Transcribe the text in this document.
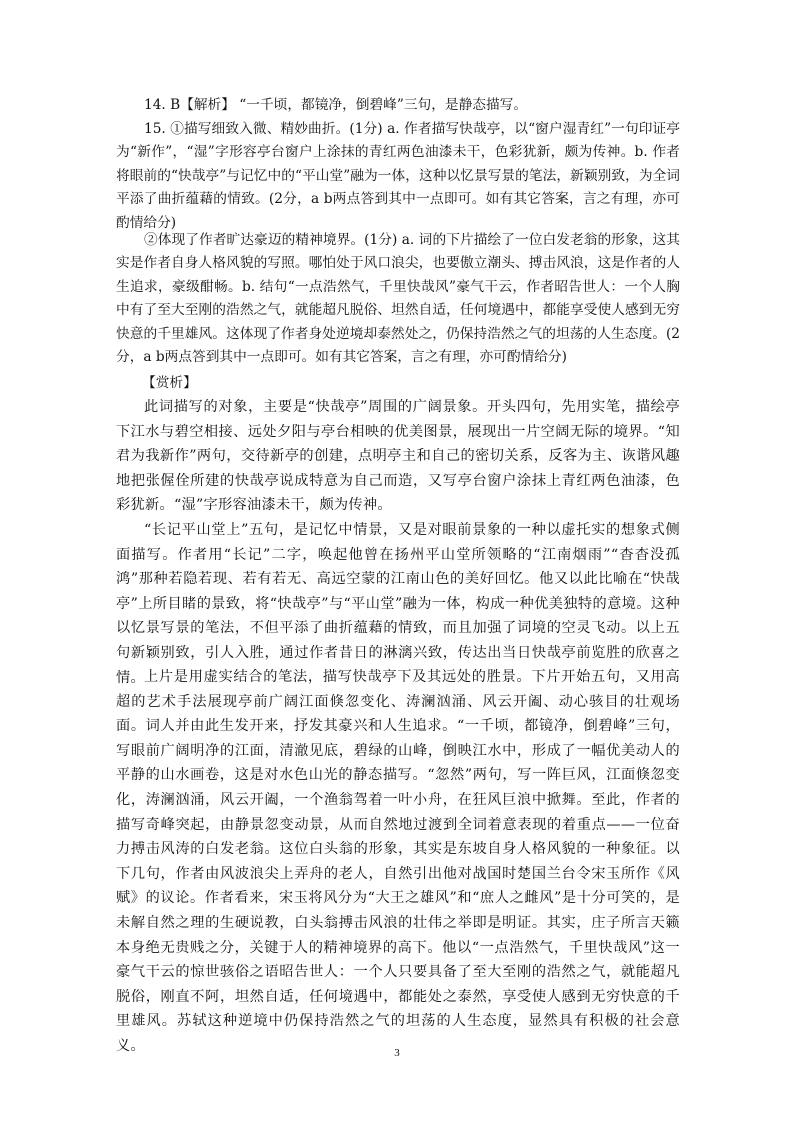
14. B【解析】 “一千顷，都镜净，倒碧峰”三句，是静态描写。

15. ①描写细致入微、精妙曲折。(1分) a. 作者描写快哉亭，以“窗户湿青红”一句印证亭为“新作”，“湿”字形容亭台窗户上涂抹的青红两色油漆未干，色彩犹新，颇为传神。b. 作者将眼前的“快哉亭”与记忆中的“平山堂”融为一体，这种以忆景写景的笔法，新颖别致，为全词平添了曲折蕴藉的情致。(2分，a b两点答到其中一点即可。如有其它答案，言之有理，亦可酌情给分)

②体现了作者旷达豪迈的精神境界。(1分) a. 词的下片描绘了一位白发老翁的形象，这其实是作者自身人格风貌的写照。哪怕处于风口浪尖，也要傲立潮头、搏击风浪，这是作者的人生追求，豪级酣畅。b. 结句“一点浩然气，千里快哉风”豪气干云，作者昭告世人：一个人胸中有了至大至刚的浩然之气，就能超凡脱俗、坦然自适，任何境遇中，都能享受使人感到无穷快意的千里雄风。这体现了作者身处逆境却泰然处之，仍保持浩然之气的坦荡的人生态度。(2分，a b两点答到其中一点即可。如有其它答案，言之有理，亦可酌情给分)

【赏析】

此词描写的对象，主要是“快哉亭”周围的广阔景象。开头四句，先用实笔，描绘亭下江水与碧空相接、远处夕阳与亭台相映的优美图景，展现出一片空阔无际的境界。“知君为我新作”两句，交待新亭的创建，点明亭主和自己的密切关系，反客为主、诙谐风趣地把张偓佺所建的快哉亭说成特意为自己而造，又写亭台窗户涂抹上青红两色油漆，色彩犹新。“湿”字形容油漆未干，颇为传神。

“长记平山堂上”五句，是记忆中情景，又是对眼前景象的一种以虚托实的想象式侧面描写。作者用“长记”二字，唤起他曾在扬州平山堂所领略的“江南烟雨”“杳杳没孤鸿”那种若隐若现、若有若无、高远空蒙的江南山色的美好回忆。他又以此比喻在“快哉亭”上所目睹的景致，将“快哉亭”与“平山堂”融为一体，构成一种优美独特的意境。这种以忆景写景的笔法，不但平添了曲折蕴藉的情致，而且加强了词境的空灵飞动。以上五句新颖别致，引人入胜，通过作者昔日的淋漓兴致，传达出当日快哉亭前览胜的欣喜之情。 上片是用虚实结合的笔法，描写快哉亭下及其远处的胜景。下片开始五句，又用高超的艺术手法展现亭前广阔江面倏忽变化、涛澜汹涌、风云开阖、动心骇目的壮观场面。词人并由此生发开来，抒发其豪兴和人生追求。“一千顷，都镜净，倒碧峰”三句，写眼前广阔明净的江面，清澈见底，碧绿的山峰，倒映江水中，形成了一幅优美动人的平静的山水画卷，这是对水色山光的静态描写。“忽然”两句，写一阵巨风，江面倏忽变化，涛澜汹涌，风云开阖，一个渔翁驾着一叶小舟，在狂风巨浪中掀舞。至此，作者的描写奇峰突起，由静景忽变动景，从而自然地过渡到全词着意表现的着重点——一位奋力搏击风涛的白发老翁。这位白头翁的形象，其实是东坡自身人格风貌的一种象征。以下几句，作者由风波浪尖上弄舟的老人，自然引出他对战国时楚国兰台令宋玉所作《风赋》的议论。作者看来，宋玉将风分为“大王之雄风”和“庶人之雌风”是十分可笑的，是未解自然之理的生硬说教，白头翁搏击风浪的壮伟之举即是明证。其实，庄子所言天籁本身绝无贵贱之分，关键于人的精神境界的高下。他以“一点浩然气，千里快哉风”这一豪气干云的惊世骇俗之语昭告世人：一个人只要具备了至大至刚的浩然之气，就能超凡脱俗，刚直不阿，坦然自适，任何境遇中，都能处之泰然，享受使人感到无穷快意的千里雄风。苏轼这种逆境中仍保持浩然之气的坦荡的人生态度，显然具有积极的社会意义。	3
